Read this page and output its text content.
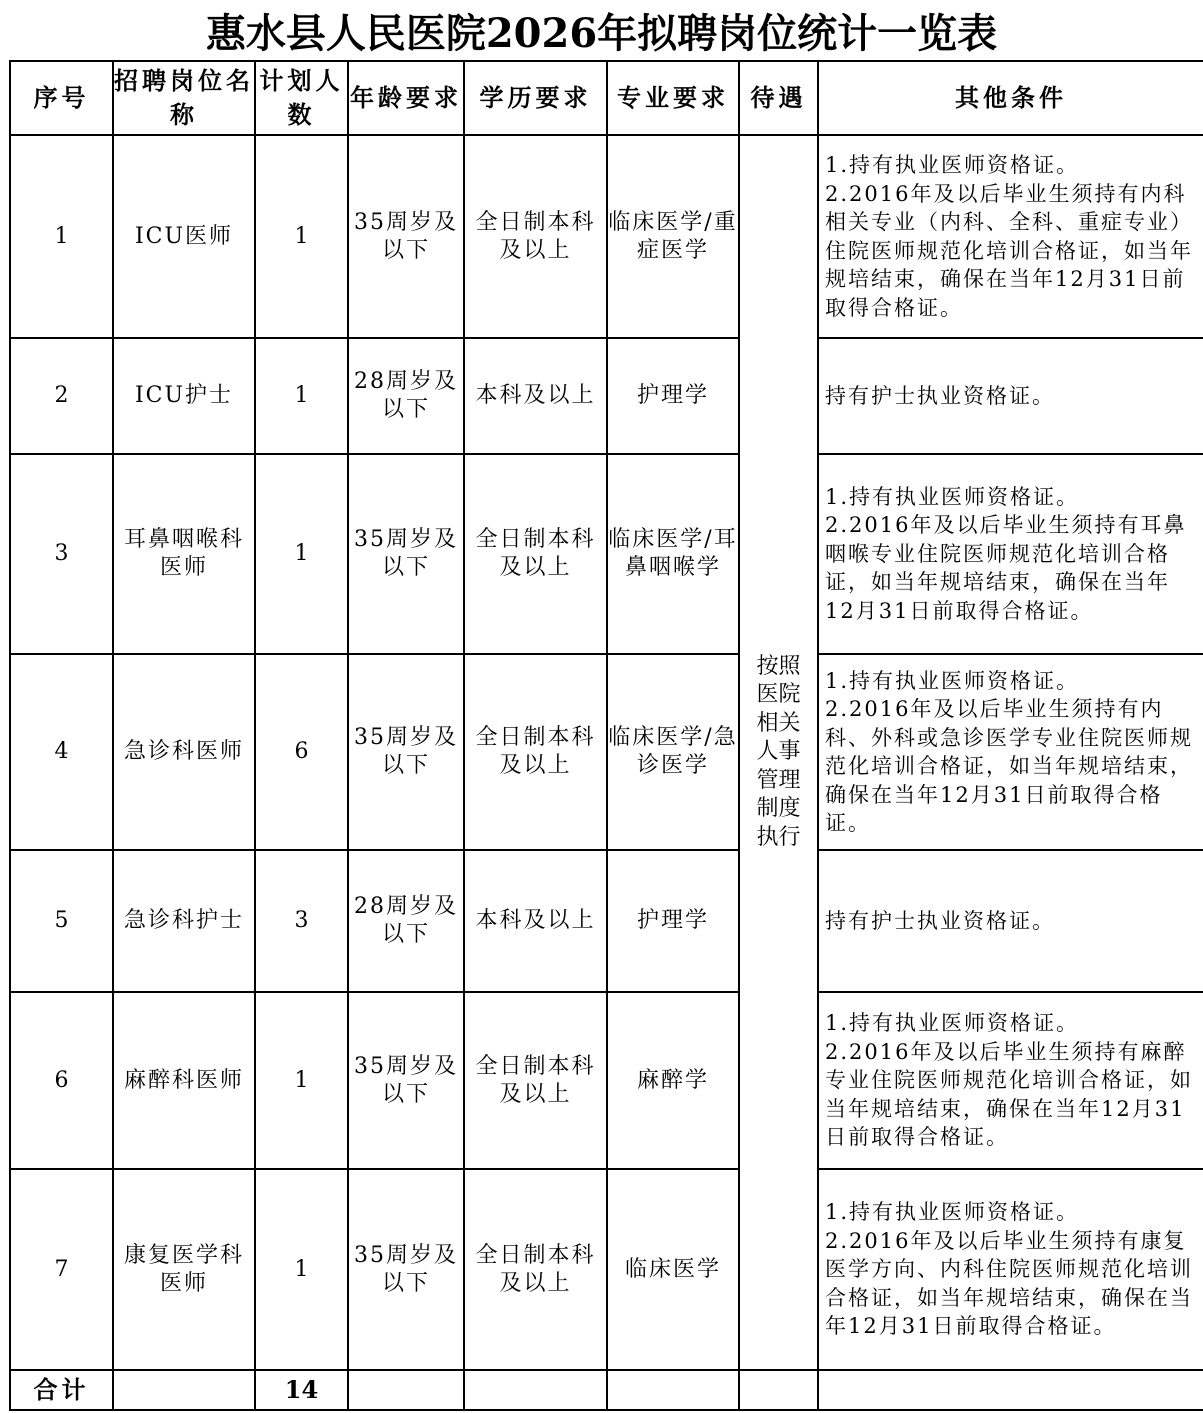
惠水县人民医院2026年拟聘岗位统计一览表
序号	招聘岗位名称	计划人数	年龄要求	学历要求	专业要求	待遇	其他条件
1	ICU医师	1	35周岁及以下	全日制本科及以上	临床医学/重症医学	按照医院相关人事管理制度执行	1.持有执业医师资格证。
2.2016年及以后毕业生须持有内科相关专业（内科、全科、重症专业）住院医师规范化培训合格证，如当年规培结束，确保在当年12月31日前取得合格证。

2	ICU护士	1	28周岁及以下	本科及以上	护理学		持有护士执业资格证。

3	耳鼻咽喉科医师	1	35周岁及以下	全日制本科及以上	临床医学/耳鼻咽喉学		1.持有执业医师资格证。
2.2016年及以后毕业生须持有耳鼻咽喉专业住院医师规范化培训合格证，如当年规培结束，确保在当年12月31日前取得合格证。

4	急诊科医师	6	35周岁及以下	全日制本科及以上	临床医学/急诊医学		1.持有执业医师资格证。
2.2016年及以后毕业生须持有内科、外科或急诊医学专业住院医师规范化培训合格证，如当年规培结束，确保在当年12月31日前取得合格证。

5	急诊科护士	3	28周岁及以下	本科及以上	护理学		持有护士执业资格证。

6	麻醉科医师	1	35周岁及以下	全日制本科及以上	麻醉学		1.持有执业医师资格证。
2.2016年及以后毕业生须持有麻醉专业住院医师规范化培训合格证，如当年规培结束，确保在当年12月31日前取得合格证。

7	康复医学科医师	1	35周岁及以下	全日制本科及以上	临床医学		1.持有执业医师资格证。
2.2016年及以后毕业生须持有康复医学方向、内科住院医师规范化培训合格证，如当年规培结束，确保在当年12月31日前取得合格证。

合计		14					
